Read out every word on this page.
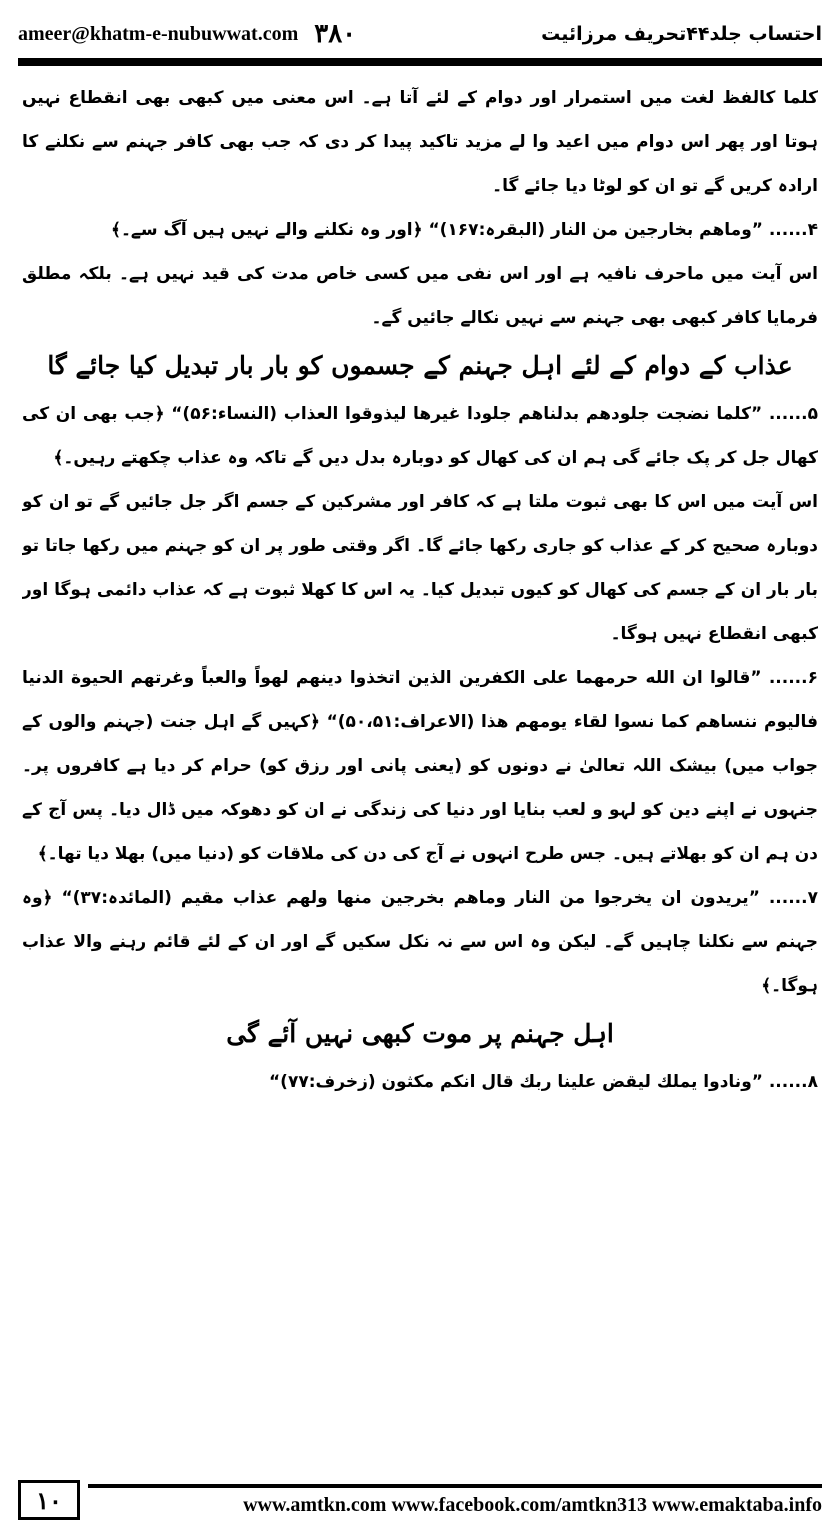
ameer@khatm-e-nubuwwat.com ۳۸۰	احتساب جلد۴۴تحریف مرزائیت

کلما کالفظ لغت میں استمرار اور دوام کے لئے آتا ہے۔ اس معنی میں کبھی بھی انقطاع نہیں ہوتا اور پھر اس دوام میں اعید وا لے مزید تاکید پیدا کر دی کہ جب بھی کافر جہنم سے نکلنے کا ارادہ کریں گے تو ان کو لوٹا دیا جائے گا۔

۴...... ”وماهم بخارجين من النار (البقرہ:۱۶۷)“ ﴿اور وہ نکلنے والے نہیں ہیں آگ سے۔﴾

اس آیت میں ماحرف نافیہ ہے اور اس نفی میں کسی خاص مدت کی قید نہیں ہے۔ بلکہ مطلق فرمایا کافر کبھی بھی جہنم سے نہیں نکالے جائیں گے۔

عذاب کے دوام کے لئے اہل جہنم کے جسموں کو بار بار تبدیل کیا جائے گا

۵...... ”کلما نضجت جلودهم بدلناهم جلودا غيرها ليذوقوا العذاب (النساء:۵۶)“ ﴿جب بھی ان کی کھال جل کر پک جائے گی ہم ان کی کھال کو دوبارہ بدل دیں گے تاکہ وہ عذاب چکھتے رہیں۔﴾

اس آیت میں اس کا بھی ثبوت ملتا ہے کہ کافر اور مشرکین کے جسم اگر جل جائیں گے تو ان کو دوبارہ صحیح کر کے عذاب کو جاری رکھا جائے گا۔ اگر وقتی طور پر ان کو جہنم میں رکھا جاتا تو بار بار ان کے جسم کی کھال کو کیوں تبدیل کیا۔ یہ اس کا کھلا ثبوت ہے کہ عذاب دائمی ہوگا اور کبھی انقطاع نہیں ہوگا۔

۶...... ”قالوا ان الله حرمهما على الكفرين الذين اتخذوا دينهم لهواً والعباً وغرتهم الحيوة الدنيا فاليوم ننساهم كما نسوا لقاء يومهم هذا (الاعراف:۵۰،۵۱)“ ﴿کہیں گے اہل جنت (جہنم والوں کے جواب میں) بیشک اللہ تعالیٰ نے دونوں کو (یعنی پانی اور رزق کو) حرام کر دیا ہے کافروں پر۔ جنہوں نے اپنے دین کو لہو و لعب بنایا اور دنیا کی زندگی نے ان کو دھوکہ میں ڈال دیا۔ پس آج کے دن ہم ان کو بھلاتے ہیں۔ جس طرح انہوں نے آج کی دن کی ملاقات کو (دنیا میں) بھلا دیا تھا۔﴾

۷...... ”يريدون ان يخرجوا من النار وماهم بخرجين منها ولهم عذاب مقيم (المائدہ:۳۷)“ ﴿وہ جہنم سے نکلنا چاہیں گے۔ لیکن وہ اس سے نہ نکل سکیں گے اور ان کے لئے قائم رہنے والا عذاب ہوگا۔﴾

اہل جہنم پر موت کبھی نہیں آئے گی

۸...... ”ونادوا يملك ليقض علينا ربك قال انكم مكثون (زخرف:۷۷)“

۱۰	www.amtkn.com www.facebook.com/amtkn313 www.emaktaba.info
